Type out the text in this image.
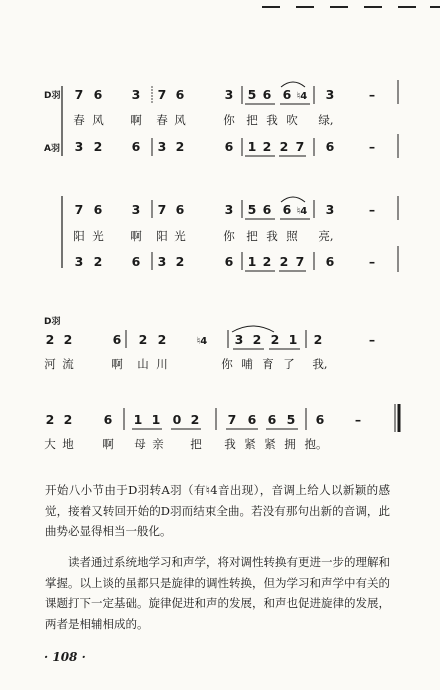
D羽
A羽
7 6 3 7 6	3 5 6 6 ♮4 3	–
春 风 啊 春 风	你 把 我 吹 绿,
3 2 6 3 2	6 1 2 2 7 6	–
7 6 3 7 6	3 5 6 6 ♮4 3	–
阳 光 啊 阳 光	你 把 我 照 亮,
3 2 6 3 2	6 1 2 2 7 6	–
D羽
2 2	6 2 2	♮4 3 2 2 1 2	–
河 流	啊 山 川	你 哺 育 了 我,
2 2	6 1 1 0 2 7 6 6 5 6 –
大 地 啊 母 亲 把 我 紧 紧 拥 抱。

开始八小节由于D羽转A羽（有♮4音出现），音调上给人以新颖的感觉，接着又转回开始的D羽而结束全曲。若没有那句出新的音调，此曲势必显得相当一般化。

读者通过系统地学习和声学，将对调性转换有更进一步的理解和掌握。以上谈的虽都只是旋律的调性转换，但为学习和声学中有关的课题打下一定基础。旋律促进和声的发展，和声也促进旋律的发展，两者是相辅相成的。

· 108 ·
